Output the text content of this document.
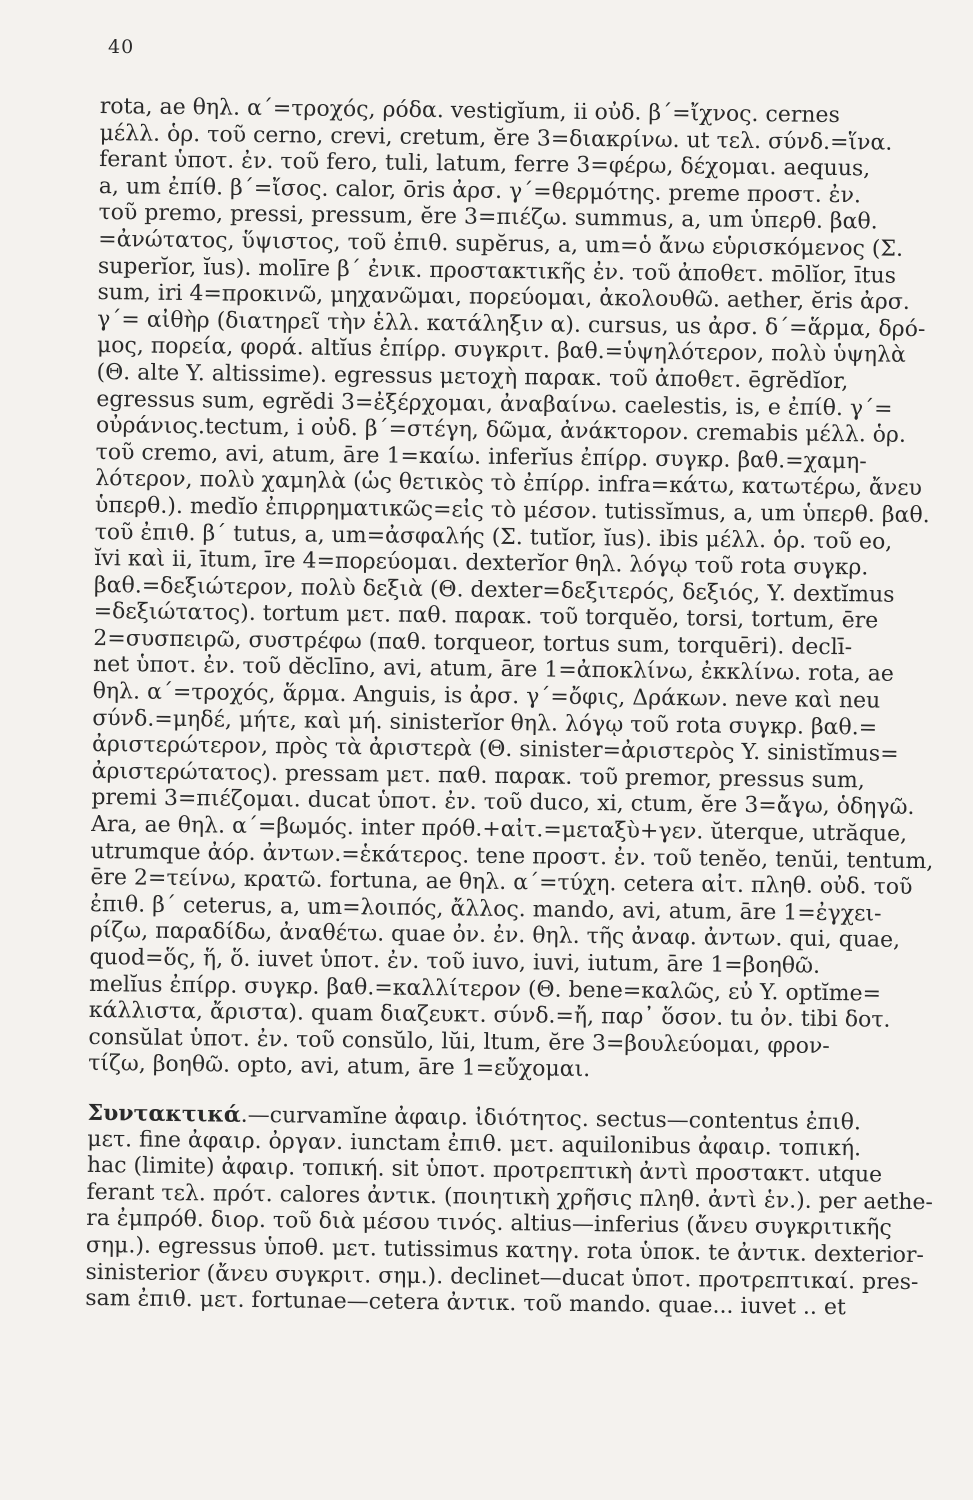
40
rota, ae θηλ. α΄=τροχός, ρόδα. vestigĭum, ii οὐδ. β΄=ἴχνος. cernes
μέλλ. ὁρ. τοῦ cerno, crevi, cretum, ĕre 3=διακρίνω. ut τελ. σύνδ.=ἵνα.
ferant ὑποτ. ἐν. τοῦ fero, tuli, latum, ferre 3=φέρω, δέχομαι. aequus,
a, um ἐπίθ. β΄=ἴσος. calor, ōris ἀρσ. γ΄=θερμότης. preme προστ. ἐν.
τοῦ premo, pressi, pressum, ĕre 3=πιέζω. summus, a, um ὑπερθ. βαθ.
=ἀνώτατος, ὕψιστος, τοῦ ἐπιθ. supĕrus, a, um=ὁ ἄνω εὑρισκόμενος (Σ.
superĭor, ĭus). molīre β΄ ἐνικ. προστακτικῆς ἐν. τοῦ ἀποθετ. mōlĭor, ītus
sum, iri 4=προκινῶ, μηχανῶμαι, πορεύομαι, ἀκολουθῶ. aether, ĕris ἀρσ.
γ΄= αἰθὴρ (διατηρεῖ τὴν ἑλλ. κατάληξιν α). cursus, us ἀρσ. δ΄=ἅρμα, δρό-
μος, πορεία, φορά. altĭus ἐπίρρ. συγκριτ. βαθ.=ὑψηλότερον, πολὺ ὑψηλὰ
(Θ. alte Y. altissime). egressus μετοχὴ παρακ. τοῦ ἀποθετ. ēgrĕdĭor,
egressus sum, egrĕdi 3=ἐξέρχομαι, ἀναβαίνω. caelestis, is, e ἐπίθ. γ΄=
οὐράνιος.tectum, i οὐδ. β΄=στέγη, δῶμα, ἀνάκτορον. cremabis μέλλ. ὁρ.
τοῦ cremo, avi, atum, āre 1=καίω. inferĭus ἐπίρρ. συγκρ. βαθ.=χαμη-
λότερον, πολὺ χαμηλὰ (ὡς θετικὸς τὸ ἐπίρρ. infra=κάτω, κατωτέρω, ἄνευ
ὑπερθ.). medĭo ἐπιρρηματικῶς=εἰς τὸ μέσον. tutissĭmus, a, um ὑπερθ. βαθ.
τοῦ ἐπιθ. β΄ tutus, a, um=ἀσφαλής (Σ. tutĭor, ĭus). ibis μέλλ. ὁρ. τοῦ eo,
ĭvi καὶ ii, ītum, īre 4=πορεύομαι. dexterĭor θηλ. λόγῳ τοῦ rota συγκρ.
βαθ.=δεξιώτερον, πολὺ δεξιὰ (Θ. dexter=δεξιτερός, δεξιός, Y. dextĭmus
=δεξιώτατος). tortum μετ. παθ. παρακ. τοῦ torquĕo, torsi, tortum, ēre
2=συσπειρῶ, συστρέφω (παθ. torqueor, tortus sum, torquēri). declī-
net ὑποτ. ἐν. τοῦ dĕclīno, avi, atum, āre 1=ἀποκλίνω, ἐκκλίνω. rota, ae
θηλ. α΄=τροχός, ἅρμα. Anguis, is ἀρσ. γ΄=ὄφις, Δράκων. neve καὶ neu
σύνδ.=μηδέ, μήτε, καὶ μή. sinisterĭor θηλ. λόγῳ τοῦ rota συγκρ. βαθ.=
ἀριστερώτερον, πρὸς τὰ ἀριστερὰ (Θ. sinister=ἀριστερὸς Y. sinistĭmus=
ἀριστερώτατος). pressam μετ. παθ. παρακ. τοῦ premor, pressus sum,
premi 3=πιέζομαι. ducat ὑποτ. ἐν. τοῦ duco, xi, ctum, ĕre 3=ἄγω, ὁδηγῶ.
Ara, ae θηλ. α΄=βωμός. inter πρόθ.+αἰτ.=μεταξὺ+γεν. ŭterque, utrăque,
utrumque ἀόρ. ἀντων.=ἑκάτερος. tene προστ. ἐν. τοῦ tenĕo, tenŭi, tentum,
ēre 2=τείνω, κρατῶ. fortuna, ae θηλ. α΄=τύχη. cetera αἰτ. πληθ. οὐδ. τοῦ
ἐπιθ. β΄ ceterus, a, um=λοιπός, ἄλλος. mando, avi, atum, āre 1=ἐγχει-
ρίζω, παραδίδω, ἀναθέτω. quae ὀν. ἐν. θηλ. τῆς ἀναφ. ἀντων. qui, quae,
quod=ὅς, ἥ, ὅ. iuvet ὑποτ. ἐν. τοῦ iuvo, iuvi, iutum, āre 1=βοηθῶ.
melĭus ἐπίρρ. συγκρ. βαθ.=καλλίτερον (Θ. bene=καλῶς, εὖ Y. optĭme=
κάλλιστα, ἄριστα). quam διαζευκτ. σύνδ.=ἤ, παρ᾽ ὅσον. tu ὀν. tibi δοτ.
consŭlat ὑποτ. ἐν. τοῦ consŭlo, lŭi, ltum, ĕre 3=βουλεύομαι, φρον-
τίζω, βοηθῶ. opto, avi, atum, āre 1=εὔχομαι.
Συντακτικά.—curvamĭne ἀφαιρ. ἰδιότητος. sectus—contentus ἐπιθ.
μετ. fine ἀφαιρ. ὀργαν. iunctam ἐπιθ. μετ. aquilonibus ἀφαιρ. τοπική.
hac (limite) ἀφαιρ. τοπική. sit ὑποτ. προτρεπτικὴ ἀντὶ προστακτ. utque
ferant τελ. πρότ. calores ἀντικ. (ποιητικὴ χρῆσις πληθ. ἀντὶ ἑν.). per aethe-
ra ἐμπρόθ. διορ. τοῦ διὰ μέσου τινός. altius—inferius (ἄνευ συγκριτικῆς
σημ.). egressus ὑποθ. μετ. tutissimus κατηγ. rota ὑποκ. te ἀντικ. dexterior-
sinisterior (ἄνευ συγκριτ. σημ.). declinet—ducat ὑποτ. προτρεπτικαί. pres-
sam ἐπιθ. μετ. fortunae—cetera ἀντικ. τοῦ mando. quae... iuvet .. et
